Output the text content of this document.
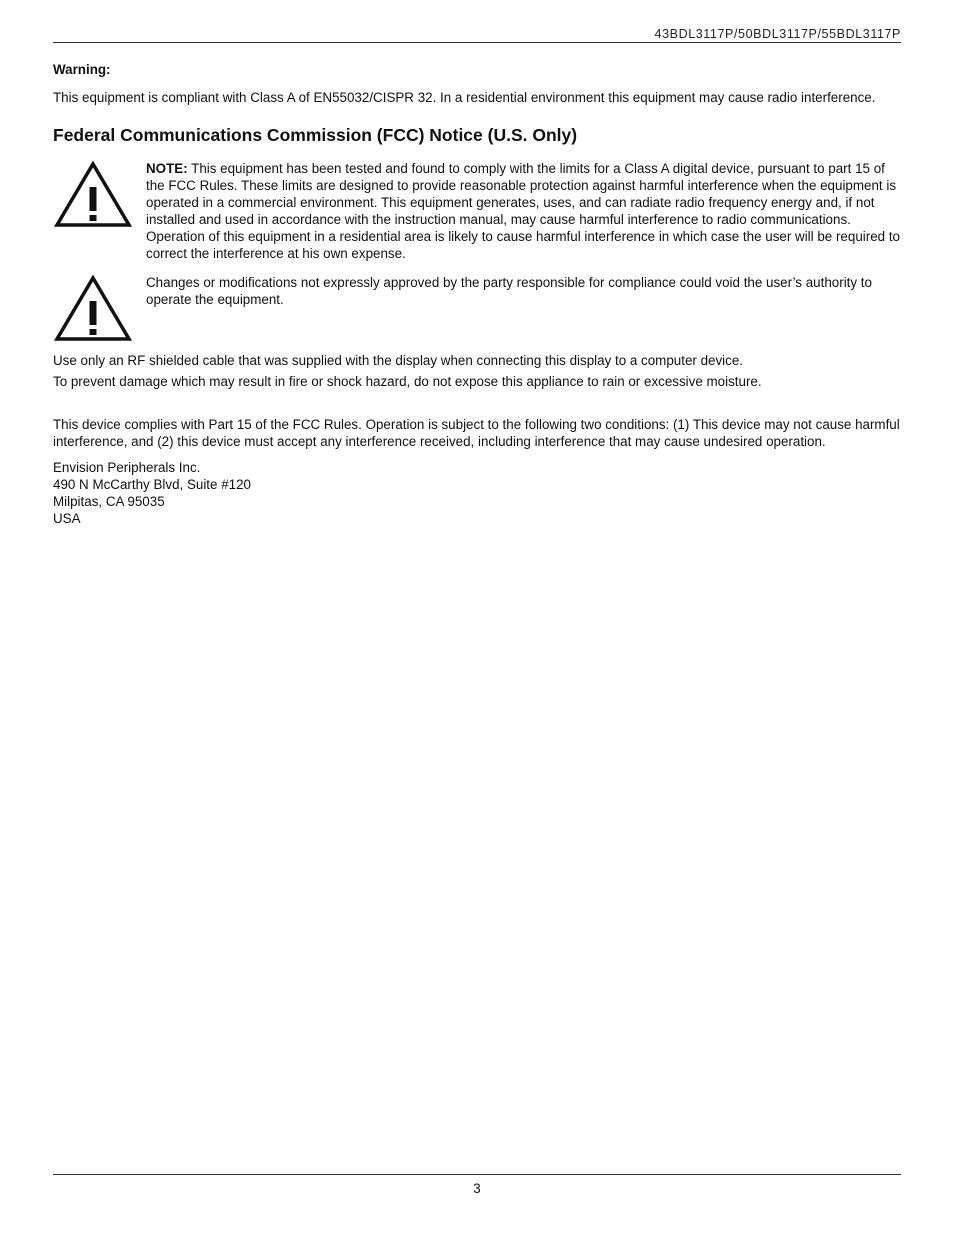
43BDL3117P/50BDL3117P/55BDL3117P

Warning:

This equipment is compliant with Class A of EN55032/CISPR 32. In a residential environment this equipment may cause radio interference.

Federal Communications Commission (FCC) Notice (U.S. Only)

NOTE: This equipment has been tested and found to comply with the limits for a Class A digital device, pursuant to part 15 of the FCC Rules. These limits are designed to provide reasonable protection against harmful interference when the equipment is operated in a commercial environment. This equipment generates, uses, and can radiate radio frequency energy and, if not installed and used in accordance with the instruction manual, may cause harmful interference to radio communications. Operation of this equipment in a residential area is likely to cause harmful interference in which case the user will be required to correct the interference at his own expense.

Changes or modifications not expressly approved by the party responsible for compliance could void the user’s authority to operate the equipment.

Use only an RF shielded cable that was supplied with the display when connecting this display to a computer device.

To prevent damage which may result in fire or shock hazard, do not expose this appliance to rain or excessive moisture.

This device complies with Part 15 of the FCC Rules. Operation is subject to the following two conditions: (1) This device may not cause harmful interference, and (2) this device must accept any interference received, including interference that may cause undesired operation.

Envision Peripherals Inc.
490 N McCarthy Blvd, Suite #120
Milpitas, CA 95035
USA

3
